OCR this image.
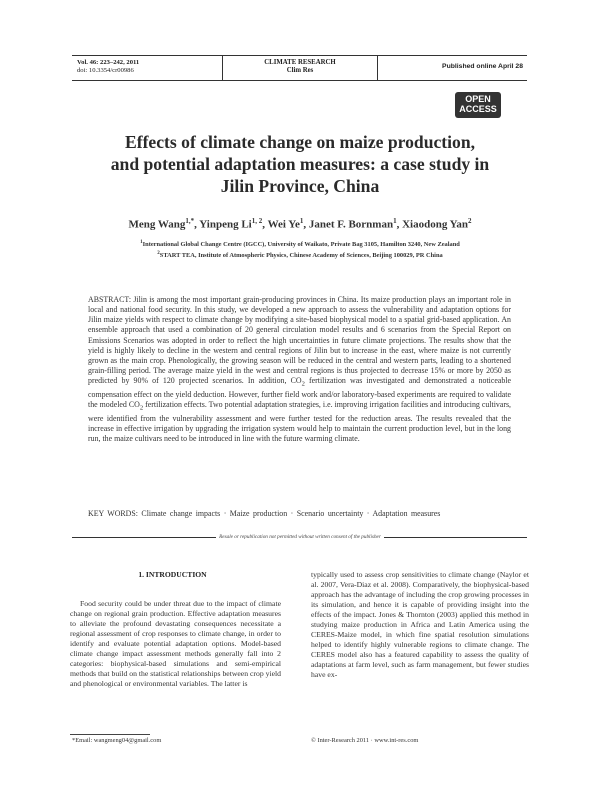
Vol. 46: 223–242, 2011
doi: 10.3354/cr00986
CLIMATE RESEARCH
Clim Res
Published online April 28
OPEN
ACCESS
Effects of climate change on maize production,
and potential adaptation measures: a case study in
Jilin Province, China
Meng Wang$^{1,*}$, Yinpeng Li$^{1, 2}$, Wei Ye$^1$, Janet F. Bornman$^1$, Xiaodong Yan$^2$
$^1$International Global Change Centre (IGCC), University of Waikato, Private Bag 3105, Hamilton 3240, New Zealand
$^2$START TEA, Institute of Atmospheric Physics, Chinese Academy of Sciences, Beijing 100029, PR China
ABSTRACT: Jilin is among the most important grain-producing provinces in China. Its maize production plays an important role in local and national food security. In this study, we developed a new approach to assess the vulnerability and adaptation options for Jilin maize yields with respect to climate change by modifying a site-based biophysical model to a spatial grid-based application. An ensemble approach that used a combination of 20 general circulation model results and 6 scenarios from the Special Report on Emissions Scenarios was adopted in order to reflect the high uncertainties in future climate projections. The results show that the yield is highly likely to decline in the western and central regions of Jilin but to increase in the east, where maize is not currently grown as the main crop. Phenologically, the growing season will be reduced in the central and western parts, leading to a shortened grain-filling period. The average maize yield in the west and central regions is thus projected to decrease 15% or more by 2050 as predicted by 90% of 120 projected scenarios. In addition, $CO_2$ fertilization was investigated and demonstrated a noticeable compensation effect on the yield deduction. However, further field work and/or laboratory-based experiments are required to validate the modeled $CO_2$ fertilization effects. Two potential adaptation strategies, i.e. improving irrigation facilities and introducing cultivars, were identified from the vulnerability assessment and were further tested for the reduction areas. The results revealed that the increase in effective irrigation by upgrading the irrigation system would help to maintain the current production level, but in the long run, the maize cultivars need to be introduced in line with the future warming climate.
KEY WORDS: Climate change impacts · Maize production · Scenario uncertainty · Adaptation measures
Resale or republication not permitted without written consent of the publisher
1. INTRODUCTION

Food security could be under threat due to the impact of climate change on regional grain production. Effective adaptation measures to alleviate the profound devastating consequences necessitate a regional assessment of crop responses to climate change, in order to identify and evaluate potential adaptation options. Model-based climate change impact assessment methods generally fall into 2 categories: biophysical-based simulations and semi-empirical methods that build on the statistical relationships between crop yield and phenological or environmental variables. The latter is

typically used to assess crop sensitivities to climate change (Naylor et al. 2007, Vera-Diaz et al. 2008). Comparatively, the biophysical-based approach has the advantage of including the crop growing processes in its simulation, and hence it is capable of providing insight into the effects of the impact. Jones & Thornton (2003) applied this method in studying maize production in Africa and Latin America using the CERES-Maize model, in which fine spatial resolution simulations helped to identify highly vulnerable regions to climate change. The CERES model also has a featured capability to assess the quality of adaptations at farm level, such as farm management, but fewer studies have ex-

*Email: wangmeng04@gmail.com	© Inter-Research 2011 · www.int-res.com
